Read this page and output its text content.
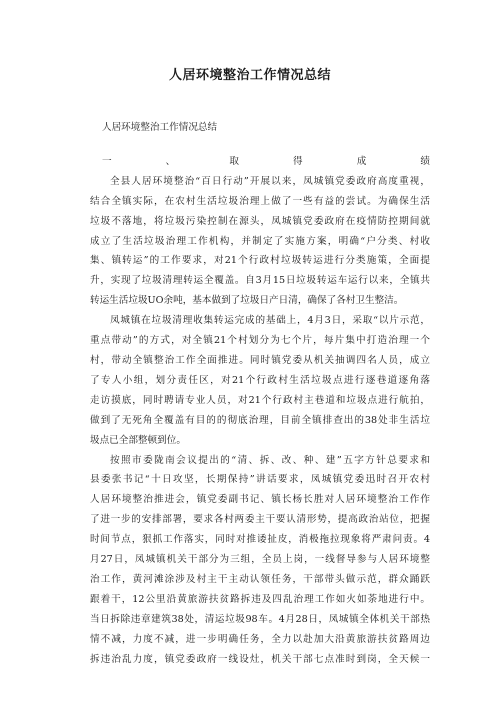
人居环境整治工作情况总结
人居环境整治工作情况总结
一、取得成绩
全县人居环境整治“百日行动”开展以来，凤城镇党委政府高度重视，
结合全镇实际，在农村生活垃圾治理上做了一些有益的尝试。为确保生活
垃圾不落地，将垃圾污染控制在源头，凤城镇党委政府在疫情防控期间就
成立了生活垃圾治理工作机构，并制定了实施方案，明确“户分类、村收
集、镇转运”的工作要求，对21个行政村垃圾转运进行分类施策，全面提
升，实现了垃圾清理转运全覆盖。自3月15日垃圾转运车运行以来，全镇共
转运生活垃圾UO余吨，基本做到了垃圾日产日清，确保了各村卫生整洁。
凤城镇在垃圾清理收集转运完成的基础上，4月3日，采取“以片示范，
重点带动”的方式，对全镇21个村划分为七个片，每片集中打造治理一个
村，带动全镇整治工作全面推进。同时镇党委从机关抽调四名人员，成立
了专人小组，划分责任区，对21个行政村生活垃圾点进行逐巷道逐角落
走访摸底，同时聘请专业人员，对21个行政村主巷道和垃圾点进行航拍，
做到了无死角全覆盖有目的的彻底治理，目前全镇排查出的38处非生活垃
圾点已全部整顿到位。
按照市委陇南会议提出的“清、拆、改、种、建”五字方针总要求和
县委张书记“十日攻坚，长期保持”讲话要求，凤城镇党委迅时召开农村
人居环境整治推进会，镇党委副书记、镇长杨长胜对人居环境整治工作作
了进一步的安排部署，要求各村两委主干要认清形势，提高政治站位，把握
时间节点，狠抓工作落实，同时对推诿扯皮，消极拖拉现象将严肃问责。4
月27日，凤城镇机关干部分为三组，全员上岗，一线督导参与人居环境整
治工作，黄河滩涂涉及村主干主动认领任务，干部带头做示范，群众踊跃
跟着干，12公里沿黄旅游扶贫路拆违及四乱治理工作如火如荼地进行中。
当日拆除违章建筑38处，清运垃圾98车。4月28日，凤城镇全体机关干部热
情不减，力度不减，进一步明确任务，全力以赴加大沿黄旅游扶贫路周边
拆违治乱力度，镇党委政府一线设灶，机关干部七点准时到岗，全天候一
